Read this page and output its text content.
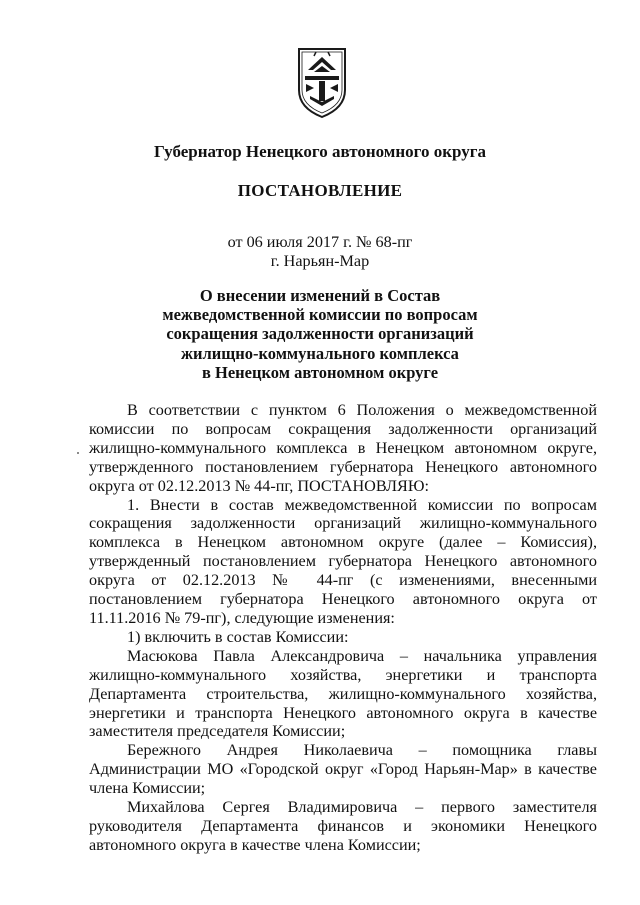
Губернатор Ненецкого автономного округа
ПОСТАНОВЛЕНИЕ
от 06 июля 2017 г. № 68-пг
г. Нарьян-Мар
О внесении изменений в Состав
межведомственной комиссии по вопросам
сокращения задолженности организаций
жилищно-коммунального комплекса
в Ненецком автономном округе

В соответствии с пунктом 6 Положения о межведомственной комиссии по вопросам сокращения задолженности организаций жилищно-коммунального комплекса в Ненецком автономном округе, утвержденного постановлением губернатора Ненецкого автономного округа от 02.12.2013 № 44-пг, ПОСТАНОВЛЯЮ:

1. Внести в состав межведомственной комиссии по вопросам сокращения задолженности организаций жилищно-коммунального комплекса в Ненецком автономном округе (далее – Комиссия), утвержденный постановлением губернатора Ненецкого автономного округа от 02.12.2013 № 44-пг (с изменениями, внесенными постановлением губернатора Ненецкого автономного округа от 11.11.2016 № 79-пг), следующие изменения:

1) включить в состав Комиссии:

Масюкова Павла Александровича – начальника управления жилищно-коммунального хозяйства, энергетики и транспорта Департамента строительства, жилищно-коммунального хозяйства, энергетики и транспорта Ненецкого автономного округа в качестве заместителя председателя Комиссии;

Бережного Андрея Николаевича – помощника главы Администрации МО «Городской округ «Город Нарьян-Мар» в качестве члена Комиссии;

Михайлова Сергея Владимировича – первого заместителя руководителя Департамента финансов и экономики Ненецкого автономного округа в качестве члена Комиссии;
